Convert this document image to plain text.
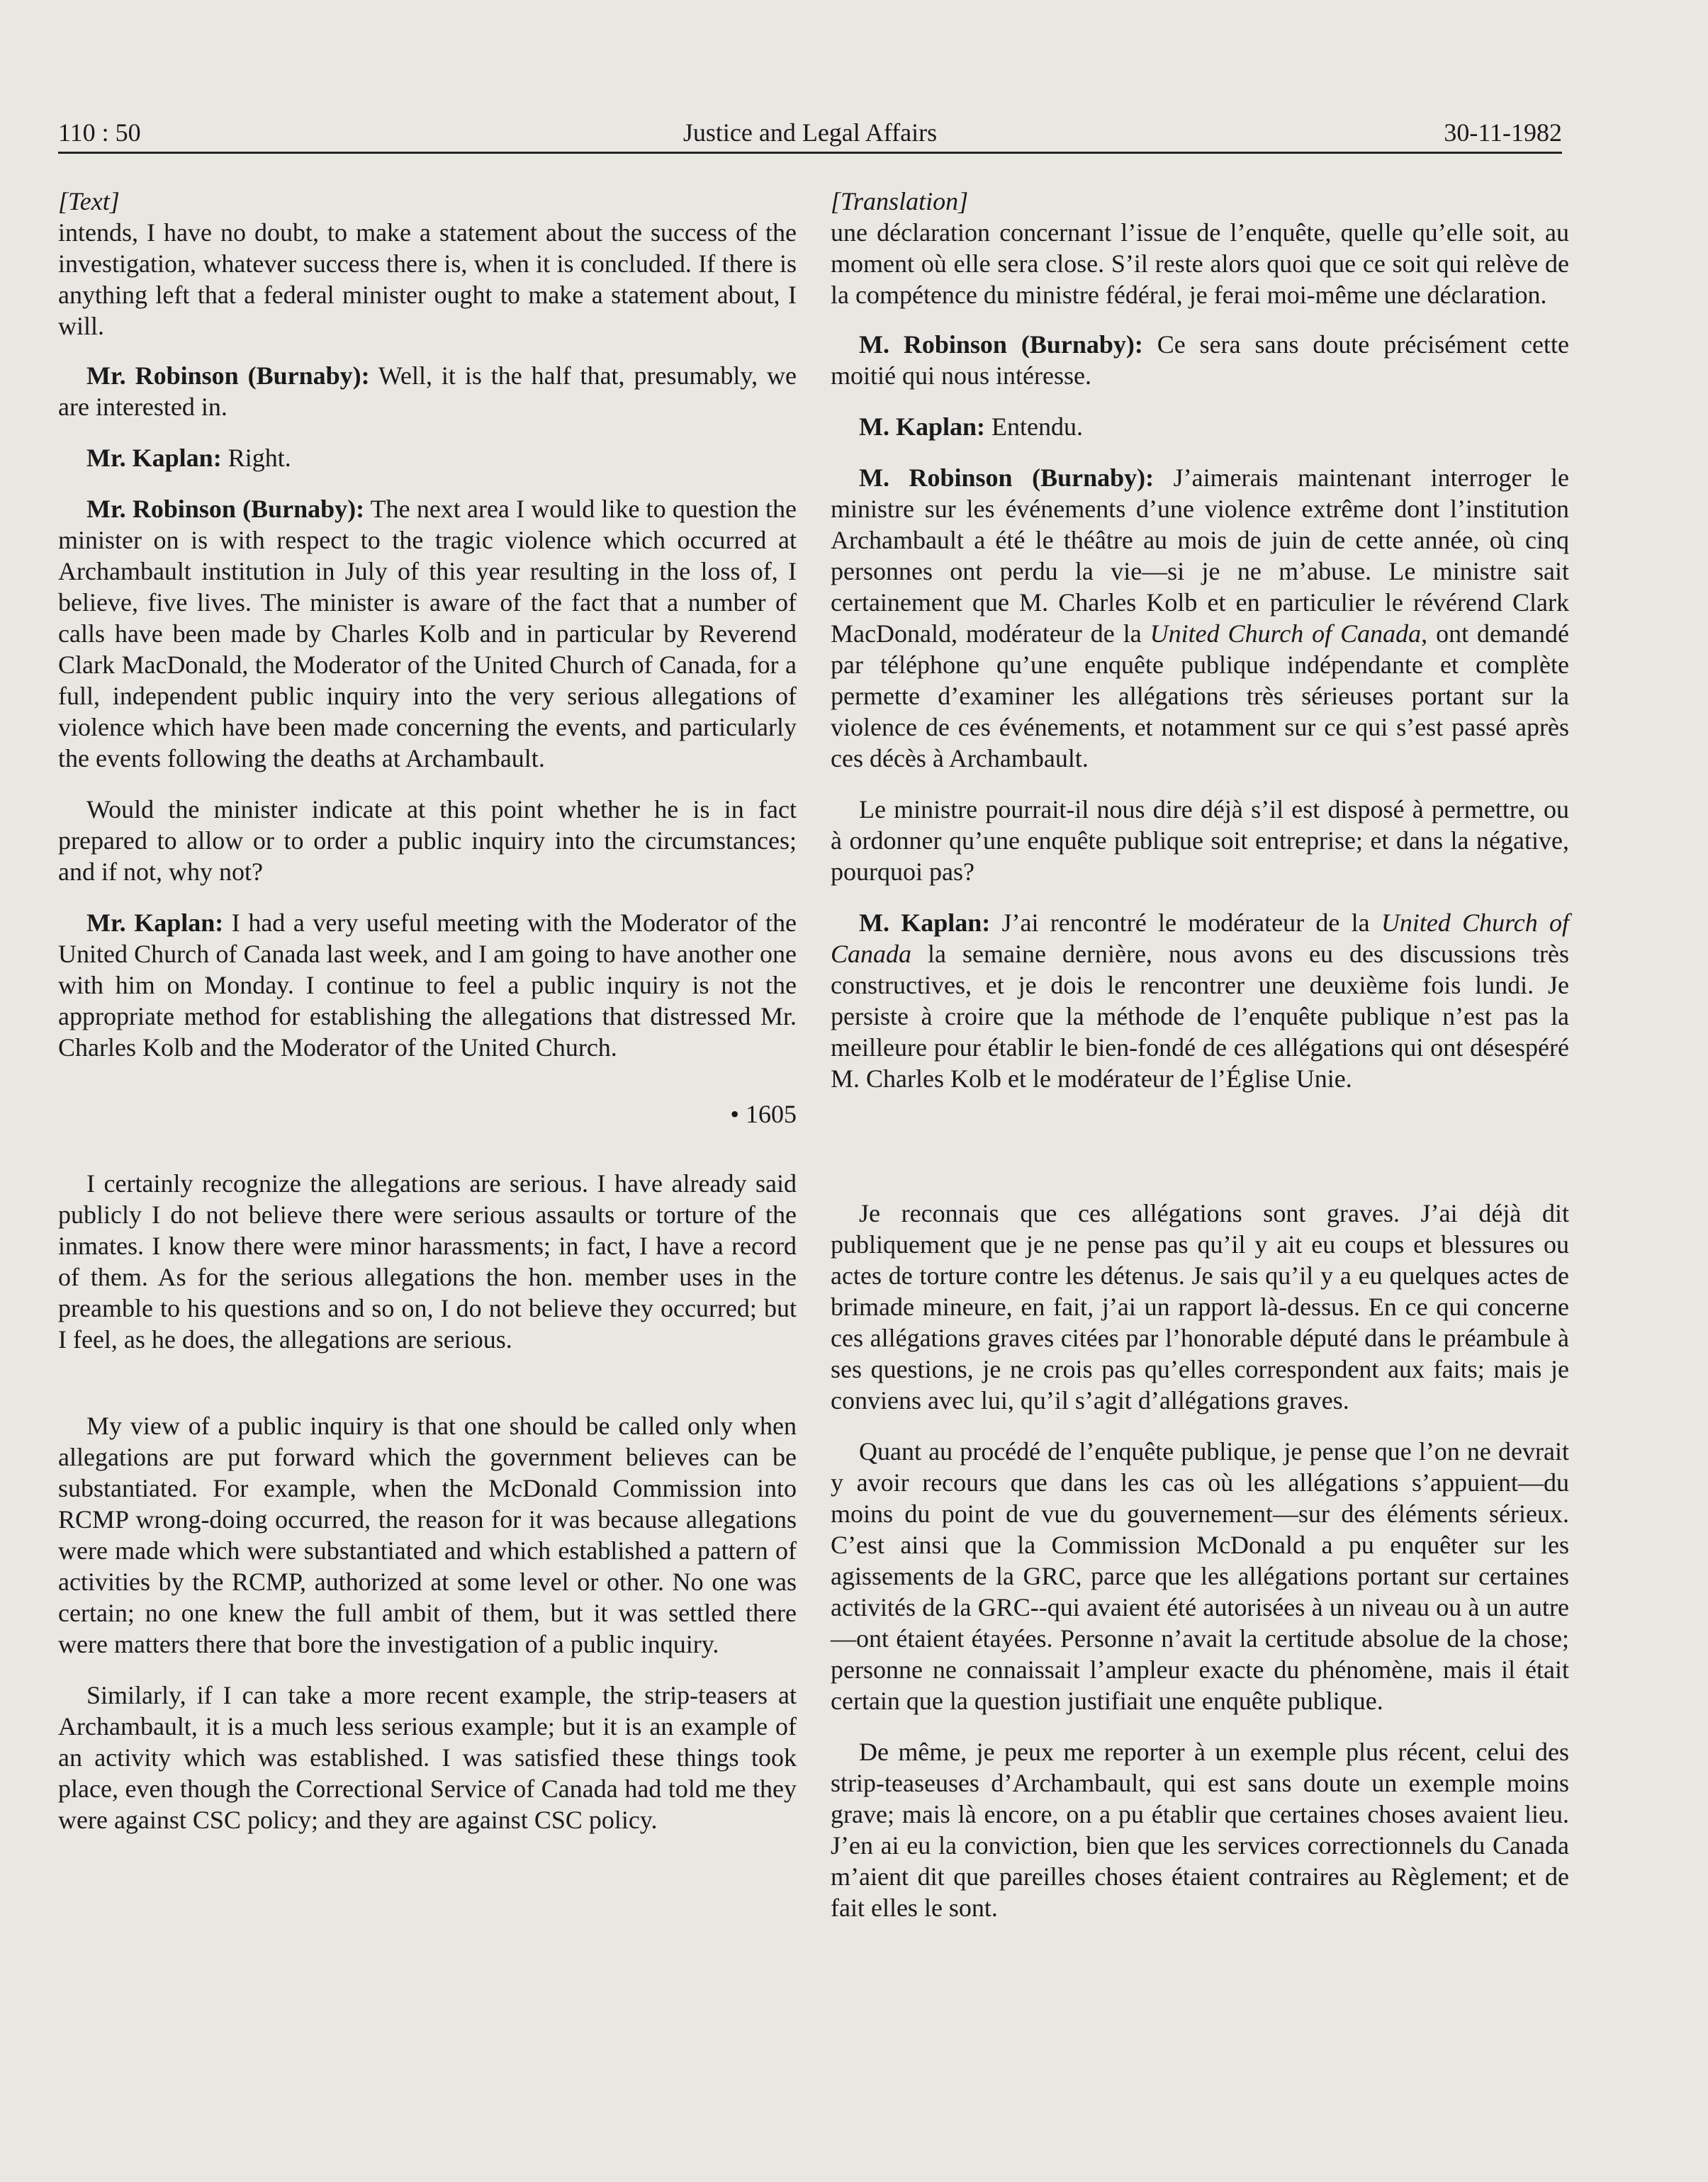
110 : 50	Justice and Legal Affairs	30-11-1982
[Text]

intends, I have no doubt, to make a statement about the success of the investigation, whatever success there is, when it is concluded. If there is anything left that a federal minister ought to make a statement about, I will.

Mr. Robinson (Burnaby): Well, it is the half that, presumably, we are interested in.

Mr. Kaplan: Right.

Mr. Robinson (Burnaby): The next area I would like to question the minister on is with respect to the tragic violence which occurred at Archambault institution in July of this year resulting in the loss of, I believe, five lives. The minister is aware of the fact that a number of calls have been made by Charles Kolb and in particular by Reverend Clark MacDonald, the Moderator of the United Church of Canada, for a full, independent public inquiry into the very serious allegations of violence which have been made concerning the events, and particularly the events following the deaths at Archambault.

Would the minister indicate at this point whether he is in fact prepared to allow or to order a public inquiry into the circumstances; and if not, why not?

Mr. Kaplan: I had a very useful meeting with the Moderator of the United Church of Canada last week, and I am going to have another one with him on Monday. I continue to feel a public inquiry is not the appropriate method for establishing the allegations that distressed Mr. Charles Kolb and the Moderator of the United Church.

• 1605

I certainly recognize the allegations are serious. I have already said publicly I do not believe there were serious assaults or torture of the inmates. I know there were minor harassments; in fact, I have a record of them. As for the serious allegations the hon. member uses in the preamble to his questions and so on, I do not believe they occurred; but I feel, as he does, the allegations are serious.

My view of a public inquiry is that one should be called only when allegations are put forward which the government believes can be substantiated. For example, when the McDonald Commission into RCMP wrong-doing occurred, the reason for it was because allegations were made which were substantiated and which established a pattern of activities by the RCMP, authorized at some level or other. No one was certain; no one knew the full ambit of them, but it was settled there were matters there that bore the investigation of a public inquiry.

Similarly, if I can take a more recent example, the strip-teasers at Archambault, it is a much less serious example; but it is an example of an activity which was established. I was satisfied these things took place, even though the Correctional Service of Canada had told me they were against CSC policy; and they are against CSC policy.

[Translation]

une déclaration concernant l’issue de l’enquête, quelle qu’elle soit, au moment où elle sera close. S’il reste alors quoi que ce soit qui relève de la compétence du ministre fédéral, je ferai moi-même une déclaration.

M. Robinson (Burnaby): Ce sera sans doute précisément cette moitié qui nous intéresse.

M. Kaplan: Entendu.

M. Robinson (Burnaby): J’aimerais maintenant interroger le ministre sur les événements d’une violence extrême dont l’institution Archambault a été le théâtre au mois de juin de cette année, où cinq personnes ont perdu la vie—si je ne m’abuse. Le ministre sait certainement que M. Charles Kolb et en particulier le révérend Clark MacDonald, modérateur de la United Church of Canada, ont demandé par téléphone qu’une enquête publique indépendante et complète permette d’examiner les allégations très sérieuses portant sur la violence de ces événements, et notamment sur ce qui s’est passé après ces décès à Archambault.

Le ministre pourrait-il nous dire déjà s’il est disposé à permettre, ou à ordonner qu’une enquête publique soit entreprise; et dans la négative, pourquoi pas?

M. Kaplan: J’ai rencontré le modérateur de la United Church of Canada la semaine dernière, nous avons eu des discussions très constructives, et je dois le rencontrer une deuxième fois lundi. Je persiste à croire que la méthode de l’enquête publique n’est pas la meilleure pour établir le bien-fondé de ces allégations qui ont désespéré M. Charles Kolb et le modérateur de l’Église Unie.

Je reconnais que ces allégations sont graves. J’ai déjà dit publiquement que je ne pense pas qu’il y ait eu coups et blessures ou actes de torture contre les détenus. Je sais qu’il y a eu quelques actes de brimade mineure, en fait, j’ai un rapport là-dessus. En ce qui concerne ces allégations graves citées par l’honorable député dans le préambule à ses questions, je ne crois pas qu’elles correspondent aux faits; mais je conviens avec lui, qu’il s’agit d’allégations graves.

Quant au procédé de l’enquête publique, je pense que l’on ne devrait y avoir recours que dans les cas où les allégations s’appuient—du moins du point de vue du gouvernement—sur des éléments sérieux. C’est ainsi que la Commission McDonald a pu enquêter sur les agissements de la GRC, parce que les allégations portant sur certaines activités de la GRC--qui avaient été autorisées à un niveau ou à un autre—ont étaient étayées. Personne n’avait la certitude absolue de la chose; personne ne connaissait l’ampleur exacte du phénomène, mais il était certain que la question justifiait une enquête publique.

De même, je peux me reporter à un exemple plus récent, celui des strip-teaseuses d’Archambault, qui est sans doute un exemple moins grave; mais là encore, on a pu établir que certaines choses avaient lieu. J’en ai eu la conviction, bien que les services correctionnels du Canada m’aient dit que pareilles choses étaient contraires au Règlement; et de fait elles le sont.
